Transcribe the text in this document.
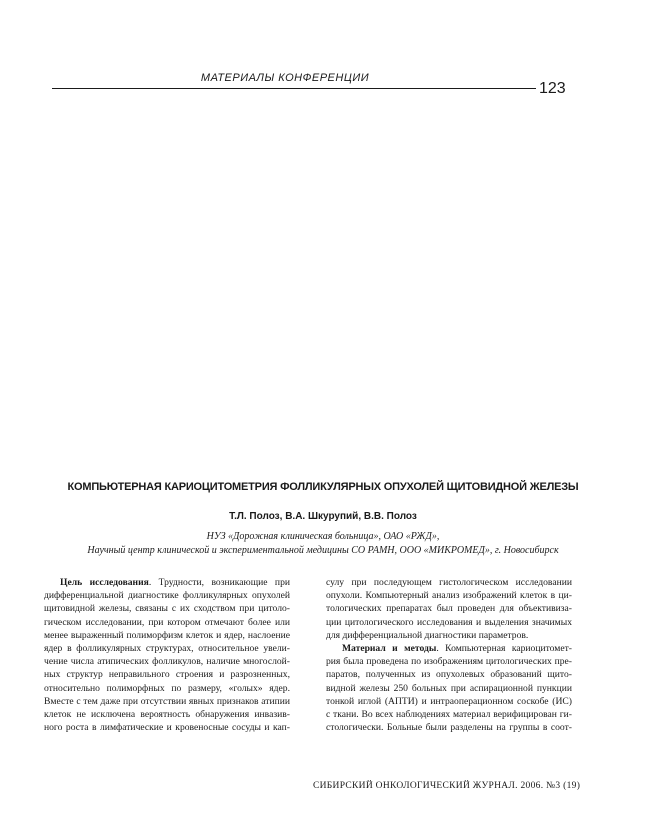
МАТЕРИАЛЫ КОНФЕРЕНЦИИ
123
КОМПЬЮТЕРНАЯ КАРИОЦИТОМЕТРИЯ ФОЛЛИКУЛЯРНЫХ ОПУХОЛЕЙ ЩИТОВИДНОЙ ЖЕЛЕЗЫ
Т.Л. Полоз, В.А. Шкурупий, В.В. Полоз
НУЗ «Дорожная клиническая больница», ОАО «РЖД»,
Научный центр клинической и экспериментальной медицины СО РАМН, ООО «МИКРОМЕД», г. Новосибирск
Цель исследования. Трудности, возникающие при
дифференциальной диагностике фолликулярных опухолей
щитовидной железы, связаны с их сходством при цитоло-
гическом исследовании, при котором отмечают более или
менее выраженный полиморфизм клеток и ядер, наслоение
ядер в фолликулярных структурах, относительное увели-
чение числа атипических фолликулов, наличие многослой-
ных структур неправильного строения и разрозненных,
относительно полиморфных по размеру, «голых» ядер.
Вместе с тем даже при отсутствии явных признаков атипии
клеток не исключена вероятность обнаружения инвазив-
ного роста в лимфатические и кровеносные сосуды и кап-
сулу при последующем гистологическом исследовании
опухоли. Компьютерный анализ изображений клеток в ци-
тологических препаратах был проведен для объективиза-
ции цитологического исследования и выделения значимых
для дифференциальной диагностики параметров.
Материал и методы. Компьютерная кариоцитомет-
рия была проведена по изображениям цитологических пре-
паратов, полученных из опухолевых образований щито-
видной железы 250 больных при аспирационной пункции
тонкой иглой (АПТИ) и интраоперационном соскобе (ИС)
с ткани. Во всех наблюдениях материал верифицирован ги-
стологически. Больные были разделены на группы в соот-
СИБИРСКИЙ ОНКОЛОГИЧЕСКИЙ ЖУРНАЛ. 2006. №3 (19)
